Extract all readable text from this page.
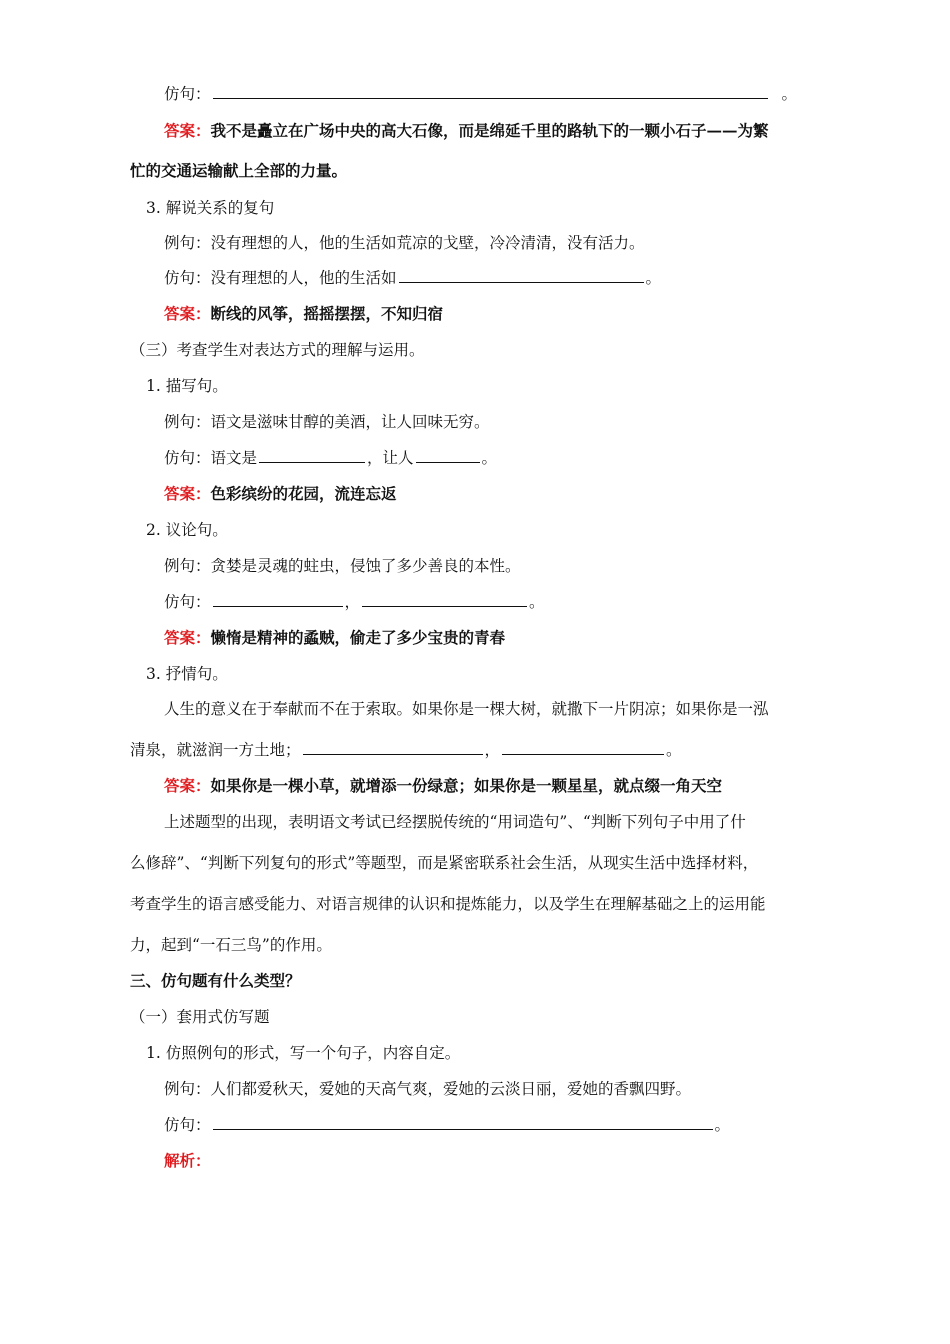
仿句：	。
答案：我不是矗立在广场中央的高大石像，而是绵延千里的路轨下的一颗小石子——为繁
忙的交通运输献上全部的力量。
3. 解说关系的复句
例句：没有理想的人，他的生活如荒凉的戈壁，冷冷清清，没有活力。
仿句：没有理想的人，他的生活如	。
答案：断线的风筝，摇摇摆摆，不知归宿
（三）考查学生对表达方式的理解与运用。
1. 描写句。
例句：语文是滋味甘醇的美酒，让人回味无穷。
仿句：语文是	，让人	。
答案：色彩缤纷的花园，流连忘返
2. 议论句。
例句：贪婪是灵魂的蛀虫，侵蚀了多少善良的本性。
仿句：	，	。
答案：懒惰是精神的蟊贼，偷走了多少宝贵的青春
3. 抒情句。
人生的意义在于奉献而不在于索取。如果你是一棵大树，就撒下一片阴凉；如果你是一泓
清泉，就滋润一方土地；	，	。
答案：如果你是一棵小草，就增添一份绿意；如果你是一颗星星，就点缀一角天空
上述题型的出现，表明语文考试已经摆脱传统的“用词造句”、“判断下列句子中用了什
么修辞”、“判断下列复句的形式”等题型，而是紧密联系社会生活，从现实生活中选择材料，
考查学生的语言感受能力、对语言规律的认识和提炼能力，以及学生在理解基础之上的运用能
力，起到“一石三鸟”的作用。
三、仿句题有什么类型？
（一）套用式仿写题
1. 仿照例句的形式，写一个句子，内容自定。
例句：人们都爱秋天，爱她的天高气爽，爱她的云淡日丽，爱她的香飘四野。
仿句：	。
解析：
